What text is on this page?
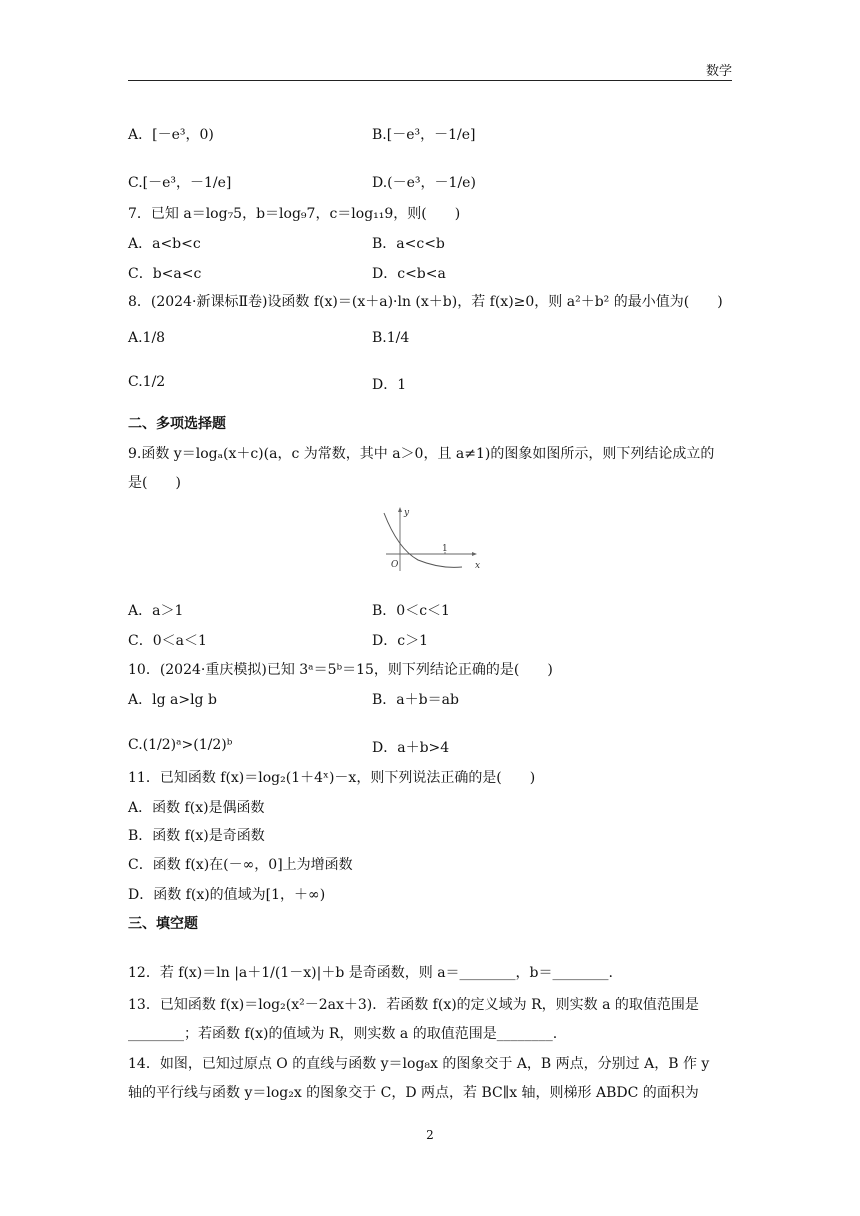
数学
A．[－e³，0)	B.[－e³，－1/e]
C.[－e³，－1/e]	D.(－e³，－1/e)
7．已知 a＝log₇5，b＝log₉7，c＝log₁₁9，则(　　)
A．a<b<c	B．a<c<b
C．b<a<c	D．c<b<a
8．(2024·新课标Ⅱ卷)设函数 f(x)＝(x＋a)·ln (x＋b)，若 f(x)≥0，则 a²＋b² 的最小值为(　　)
A.1/8	B.1/4
C.1/2	D．1
二、多项选择题
9.函数 y＝logₐ(x＋c)(a，c 为常数，其中 a＞0，且 a≠1)的图象如图所示，则下列结论成立的
是(　　)
A．a＞1	B．0＜c＜1
C．0＜a＜1	D．c＞1
10．(2024·重庆模拟)已知 3ᵃ＝5ᵇ＝15，则下列结论正确的是(　　)
A．lg a>lg b	B．a＋b＝ab
C.(1/2)ᵃ>(1/2)ᵇ	D．a＋b>4
11．已知函数 f(x)＝log₂(1＋4ˣ)－x，则下列说法正确的是(　　)
A．函数 f(x)是偶函数
B．函数 f(x)是奇函数
C．函数 f(x)在(－∞，0]上为增函数
D．函数 f(x)的值域为[1，＋∞)
三、填空题
12．若 f(x)＝ln |a＋1/(1－x)|＋b 是奇函数，则 a＝________，b＝________.
13．已知函数 f(x)＝log₂(x²－2ax＋3)．若函数 f(x)的定义域为 R，则实数 a 的取值范围是
________；若函数 f(x)的值域为 R，则实数 a 的取值范围是________.
14．如图，已知过原点 O 的直线与函数 y＝log₈x 的图象交于 A，B 两点，分别过 A，B 作 y
轴的平行线与函数 y＝log₂x 的图象交于 C，D 两点，若 BC∥x 轴，则梯形 ABDC 的面积为
y
x
O
1
2
